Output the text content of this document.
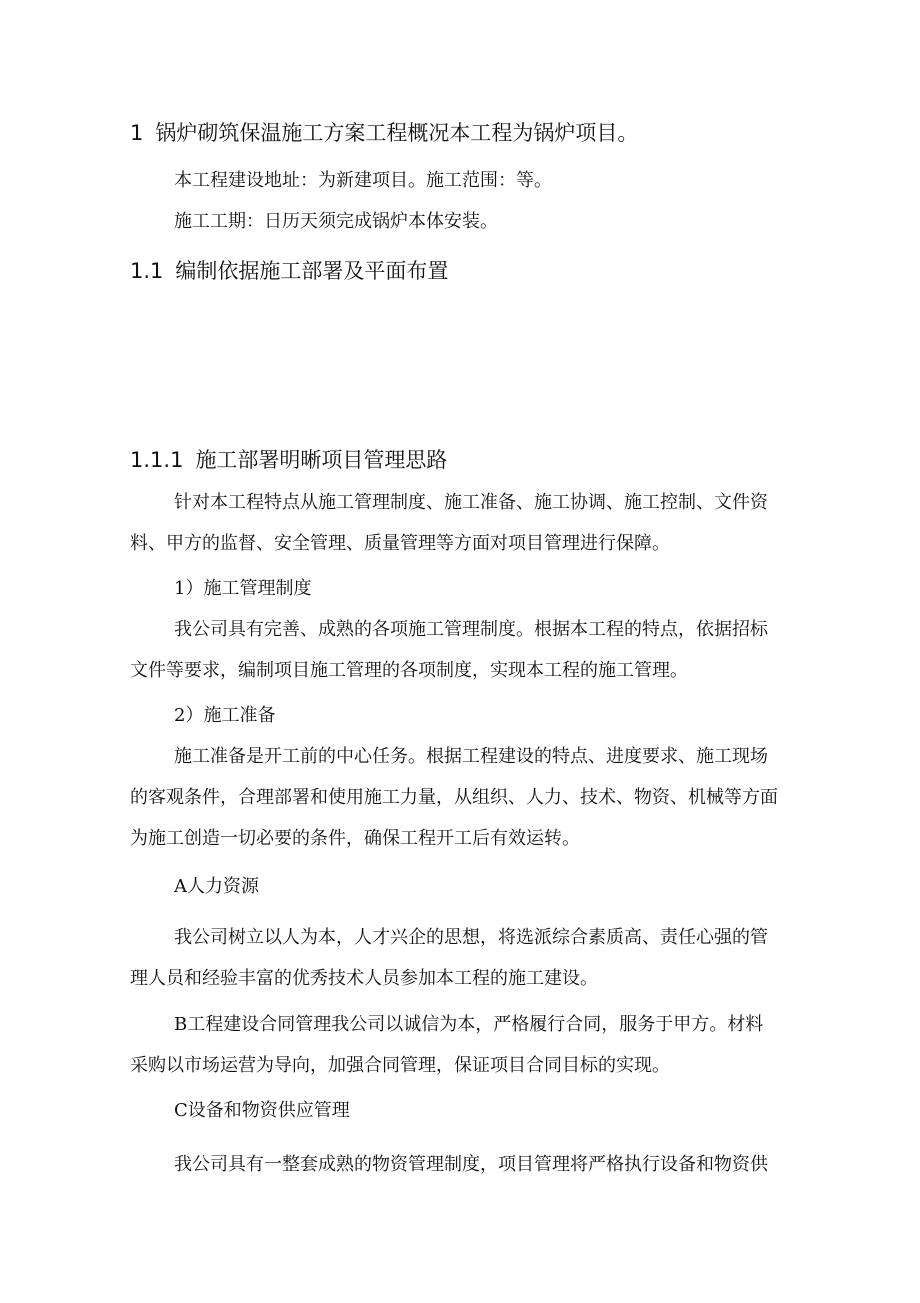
1 锅炉砌筑保温施工方案工程概况本工程为锅炉项目。
本工程建设地址：为新建项目。施工范围：等。
施工工期：日历天须完成锅炉本体安装。
1.1 编制依据施工部署及平面布置
1.1.1 施工部署明晰项目管理思路
针对本工程特点从施工管理制度、施工准备、施工协调、施工控制、文件资
料、甲方的监督、安全管理、质量管理等方面对项目管理进行保障。
1）施工管理制度
我公司具有完善、成熟的各项施工管理制度。根据本工程的特点，依据招标
文件等要求，编制项目施工管理的各项制度，实现本工程的施工管理。
2）施工准备
施工准备是开工前的中心任务。根据工程建设的特点、进度要求、施工现场
的客观条件，合理部署和使用施工力量，从组织、人力、技术、物资、机械等方面
为施工创造一切必要的条件，确保工程开工后有效运转。
A人力资源
我公司树立以人为本，人才兴企的思想，将选派综合素质高、责任心强的管
理人员和经验丰富的优秀技术人员参加本工程的施工建设。
B工程建设合同管理我公司以诚信为本，严格履行合同，服务于甲方。材料
采购以市场运营为导向，加强合同管理，保证项目合同目标的实现。
C设备和物资供应管理
我公司具有一整套成熟的物资管理制度，项目管理将严格执行设备和物资供
